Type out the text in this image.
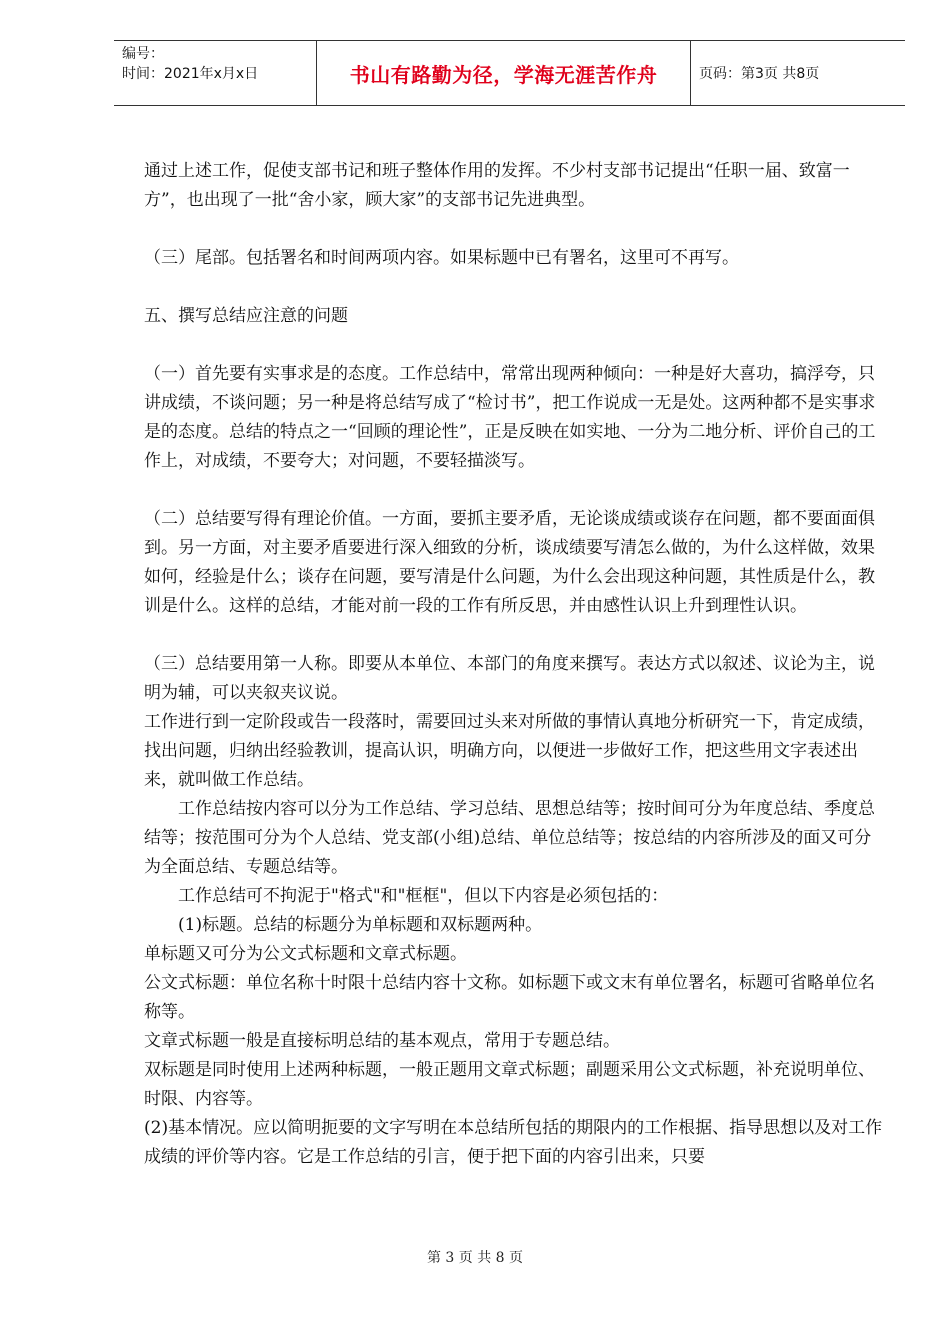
编号：
时间：2021年x月x日	书山有路勤为径，学海无涯苦作舟	页码：第3页 共8页

通过上述工作，促使支部书记和班子整体作用的发挥。不少村支部书记提出“任职一届、致富一方”，也出现了一批“舍小家，顾大家”的支部书记先进典型。

（三）尾部。包括署名和时间两项内容。如果标题中已有署名，这里可不再写。

五、撰写总结应注意的问题

（一）首先要有实事求是的态度。工作总结中，常常出现两种倾向：一种是好大喜功，搞浮夸，只讲成绩，不谈问题；另一种是将总结写成了“检讨书”，把工作说成一无是处。这两种都不是实事求是的态度。总结的特点之一“回顾的理论性”，正是反映在如实地、一分为二地分析、评价自己的工作上，对成绩，不要夸大；对问题，不要轻描淡写。

（二）总结要写得有理论价值。一方面，要抓主要矛盾，无论谈成绩或谈存在问题，都不要面面俱到。另一方面，对主要矛盾要进行深入细致的分析，谈成绩要写清怎么做的，为什么这样做，效果如何，经验是什么；谈存在问题，要写清是什么问题，为什么会出现这种问题，其性质是什么，教训是什么。这样的总结，才能对前一段的工作有所反思，并由感性认识上升到理性认识。

（三）总结要用第一人称。即要从本单位、本部门的角度来撰写。表达方式以叙述、议论为主，说明为辅，可以夹叙夹议说。

工作进行到一定阶段或告一段落时，需要回过头来对所做的事情认真地分析研究一下，肯定成绩，找出问题，归纳出经验教训，提高认识，明确方向，以便进一步做好工作，把这些用文字表述出来，就叫做工作总结。

工作总结按内容可以分为工作总结、学习总结、思想总结等；按时间可分为年度总结、季度总结等；按范围可分为个人总结、党支部(小组)总结、单位总结等；按总结的内容所涉及的面又可分为全面总结、专题总结等。

工作总结可不拘泥于"格式"和"框框"，但以下内容是必须包括的：

(1)标题。总结的标题分为单标题和双标题两种。

单标题又可分为公文式标题和文章式标题。

公文式标题：单位名称十时限十总结内容十文称。如标题下或文末有单位署名，标题可省略单位名称等。

文章式标题一般是直接标明总结的基本观点，常用于专题总结。

双标题是同时使用上述两种标题，一般正题用文章式标题；副题采用公文式标题，补充说明单位、时限、内容等。

(2)基本情况。应以简明扼要的文字写明在本总结所包括的期限内的工作根据、指导思想以及对工作成绩的评价等内容。它是工作总结的引言，便于把下面的内容引出来，只要

第 3 页 共 8 页
